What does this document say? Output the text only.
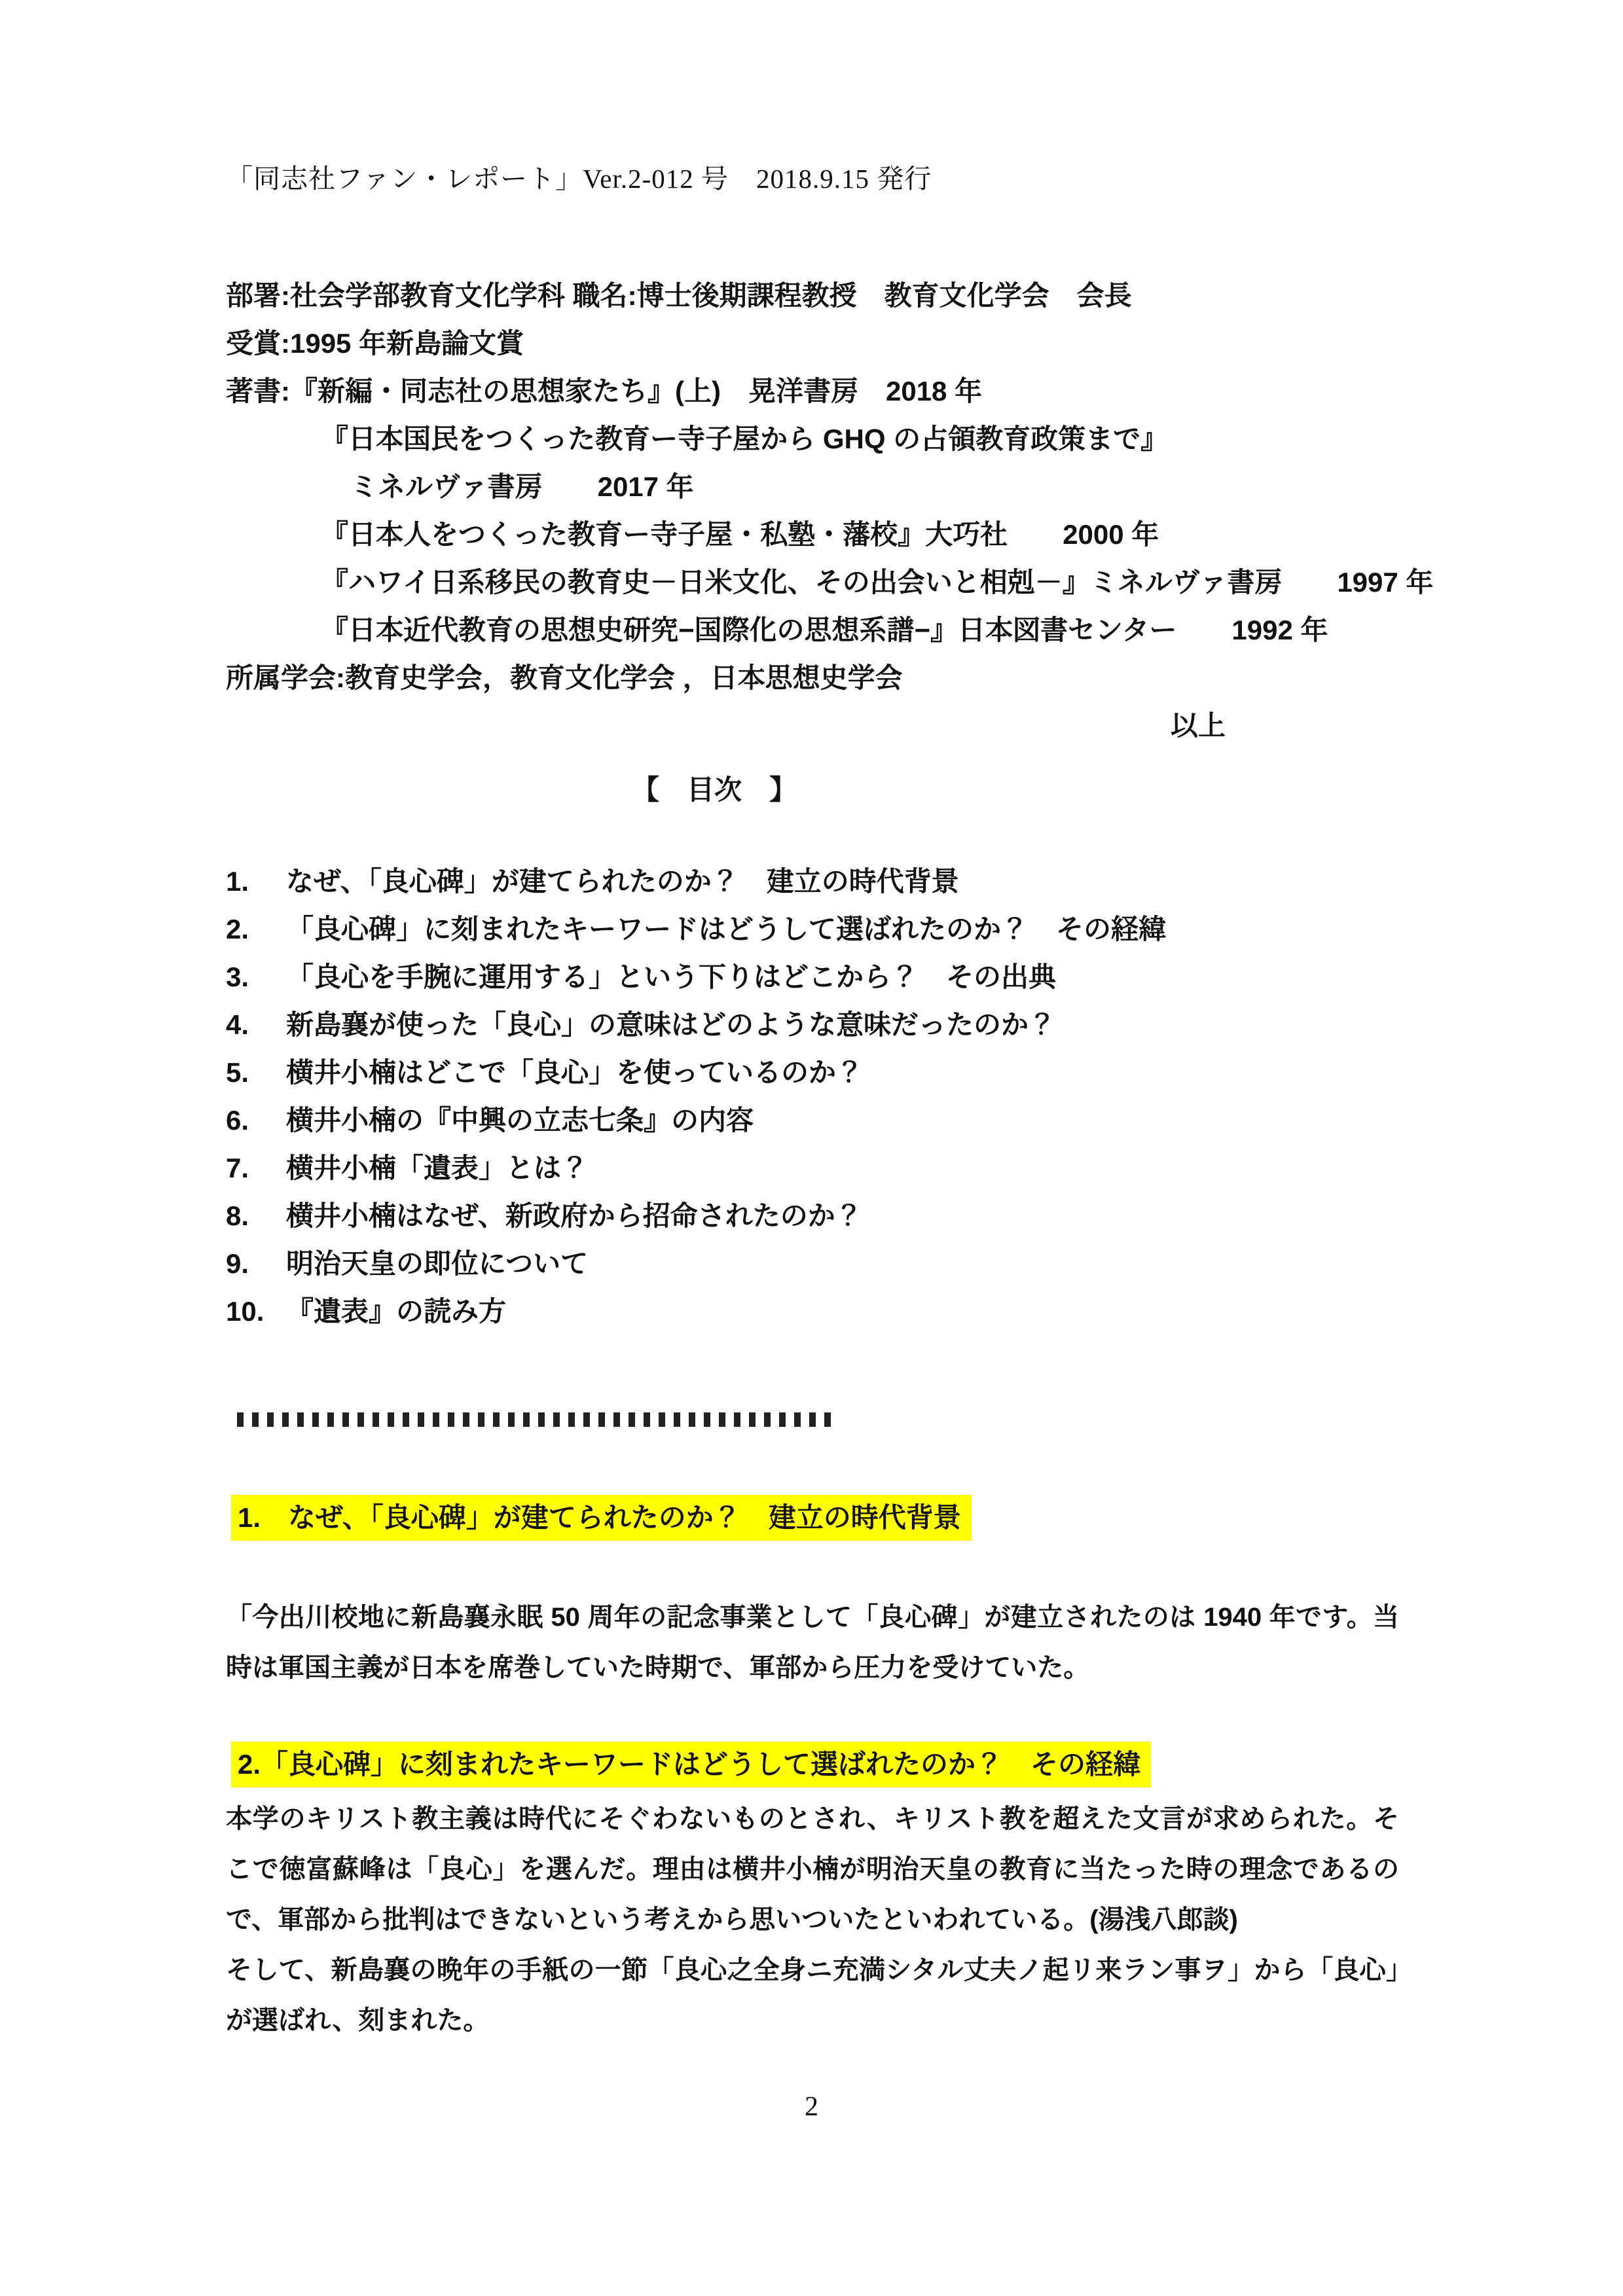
「同志社ファン・レポート」Ver.2-012 号　2018.9.15 発行
部署:社会学部教育文化学科 職名:博士後期課程教授　教育文化学会　会長
受賞:1995 年新島論文賞
著書:『新編・同志社の思想家たち』(上)　晃洋書房　2018 年
『日本国民をつくった教育ー寺子屋から GHQ の占領教育政策まで』
ミネルヴァ書房　　2017 年
『日本人をつくった教育ー寺子屋・私塾・藩校』大巧社　　2000 年
『ハワイ日系移民の教育史－日米文化、その出会いと相剋－』ミネルヴァ書房　　1997 年
『日本近代教育の思想史研究−国際化の思想系譜−』日本図書センター　　1992 年
所属学会:教育史学会，教育文化学会 ，日本思想史学会
以上
【　目次　】
1.	なぜ、「良心碑」が建てられたのか？　建立の時代背景
2.	「良心碑」に刻まれたキーワードはどうして選ばれたのか？　その経緯
3.	「良心を手腕に運用する」という下りはどこから？　その出典
4.	新島襄が使った「良心」の意味はどのような意味だったのか？
5.	横井小楠はどこで「良心」を使っているのか？
6.	横井小楠の『中興の立志七条』の内容
7.	横井小楠「遺表」とは？
8.	横井小楠はなぜ、新政府から招命されたのか？
9.	明治天皇の即位について
10. 『遺表』の読み方
1.　なぜ、「良心碑」が建てられたのか？　建立の時代背景
「今出川校地に新島襄永眠 50 周年の記念事業として「良心碑」が建立されたのは 1940 年です。当時は軍国主義が日本を席巻していた時期で、軍部から圧力を受けていた。
2.「良心碑」に刻まれたキーワードはどうして選ばれたのか？　その経緯
本学のキリスト教主義は時代にそぐわないものとされ、キリスト教を超えた文言が求められた。そこで徳富蘇峰は「良心」を選んだ。理由は横井小楠が明治天皇の教育に当たった時の理念であるので、軍部から批判はできないという考えから思いついたといわれている。(湯浅八郎談)
そして、新島襄の晩年の手紙の一節「良心之全身ニ充満シタル丈夫ノ起リ来ラン事ヲ」から「良心」が選ばれ、刻まれた。
2
